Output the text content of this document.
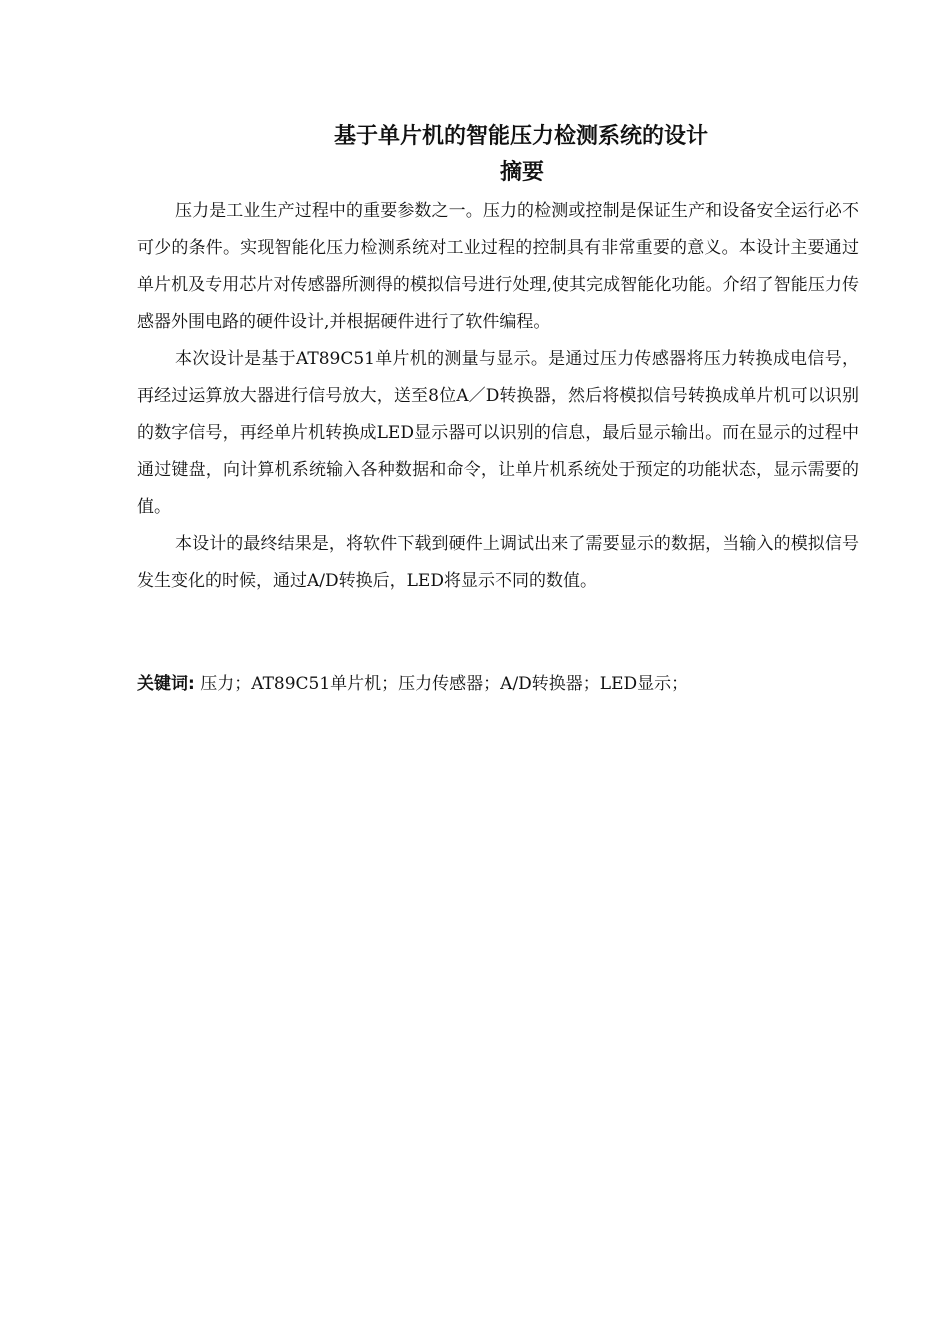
基于单片机的智能压力检测系统的设计
摘要

压力是工业生产过程中的重要参数之一。压力的检测或控制是保证生产和设备安全运行必不可少的条件。实现智能化压力检测系统对工业过程的控制具有非常重要的意义。本设计主要通过单片机及专用芯片对传感器所测得的模拟信号进行处理,使其完成智能化功能。介绍了智能压力传感器外围电路的硬件设计,并根据硬件进行了软件编程。

本次设计是基于AT89C51单片机的测量与显示。是通过压力传感器将压力转换成电信号，再经过运算放大器进行信号放大，送至8位A／D转换器，然后将模拟信号转换成单片机可以识别的数字信号，再经单片机转换成LED显示器可以识别的信息，最后显示输出。而在显示的过程中通过键盘，向计算机系统输入各种数据和命令，让单片机系统处于预定的功能状态，显示需要的值。

本设计的最终结果是，将软件下载到硬件上调试出来了需要显示的数据，当输入的模拟信号发生变化的时候，通过A/D转换后，LED将显示不同的数值。

关键词: 压力；AT89C51单片机；压力传感器；A/D转换器；LED显示；
